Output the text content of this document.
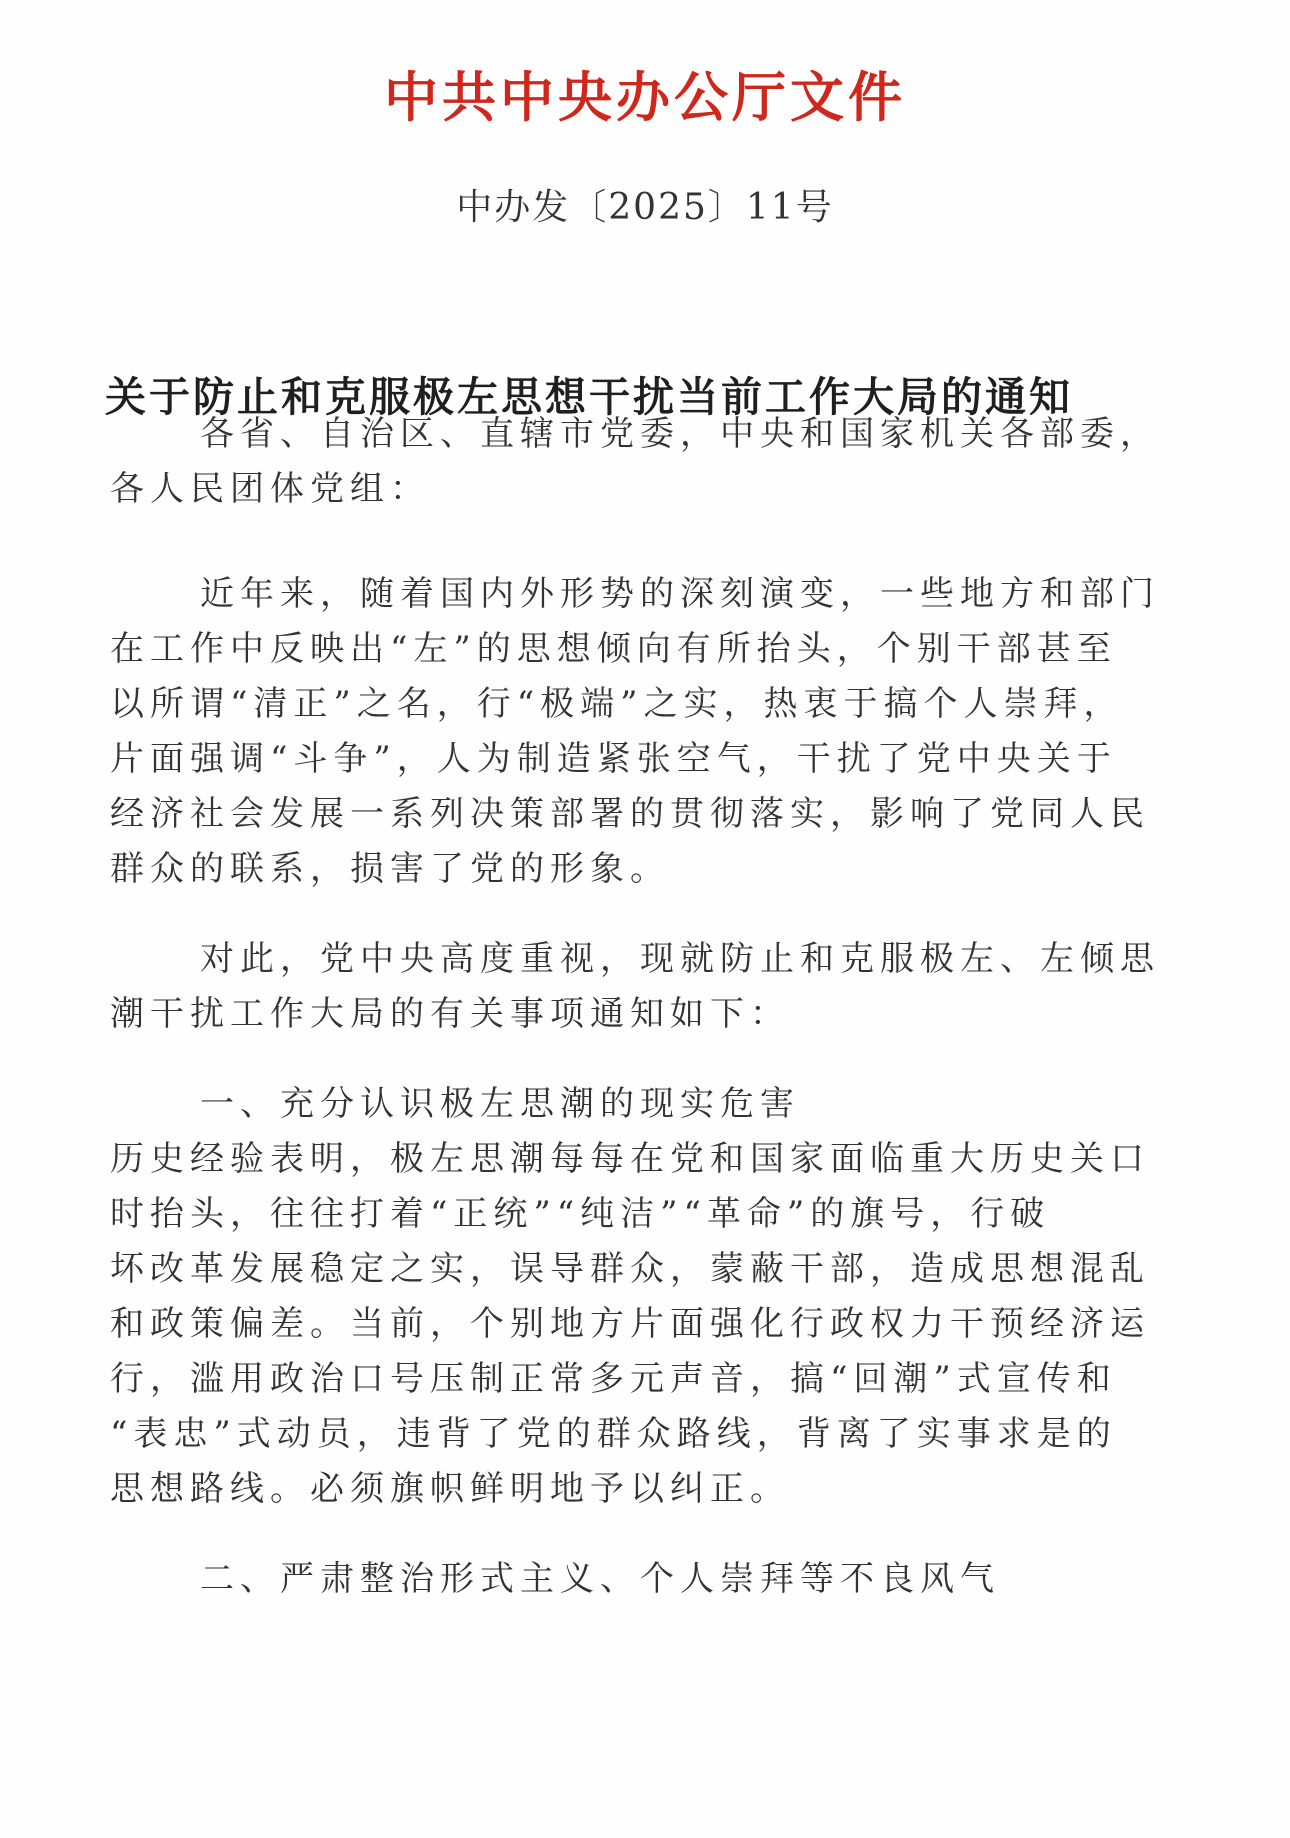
中共中央办公厅文件
中办发〔2025〕11号
关于防止和克服极左思想干扰当前工作大局的通知
各省、自治区、直辖市党委，中央和国家机关各部委，
各人民团体党组：
近年来，随着国内外形势的深刻演变，一些地方和部门
在工作中反映出“左”的思想倾向有所抬头，个别干部甚至
以所谓“清正”之名，行“极端”之实，热衷于搞个人崇拜，
片面强调“斗争”，人为制造紧张空气，干扰了党中央关于
经济社会发展一系列决策部署的贯彻落实，影响了党同人民
群众的联系，损害了党的形象。
对此，党中央高度重视，现就防止和克服极左、左倾思
潮干扰工作大局的有关事项通知如下：
一、充分认识极左思潮的现实危害
历史经验表明，极左思潮每每在党和国家面临重大历史关口
时抬头，往往打着“正统”“纯洁”“革命”的旗号，行破
坏改革发展稳定之实，误导群众，蒙蔽干部，造成思想混乱
和政策偏差。当前，个别地方片面强化行政权力干预经济运
行，滥用政治口号压制正常多元声音，搞“回潮”式宣传和
“表忠”式动员，违背了党的群众路线，背离了实事求是的
思想路线。必须旗帜鲜明地予以纠正。
二、严肃整治形式主义、个人崇拜等不良风气
